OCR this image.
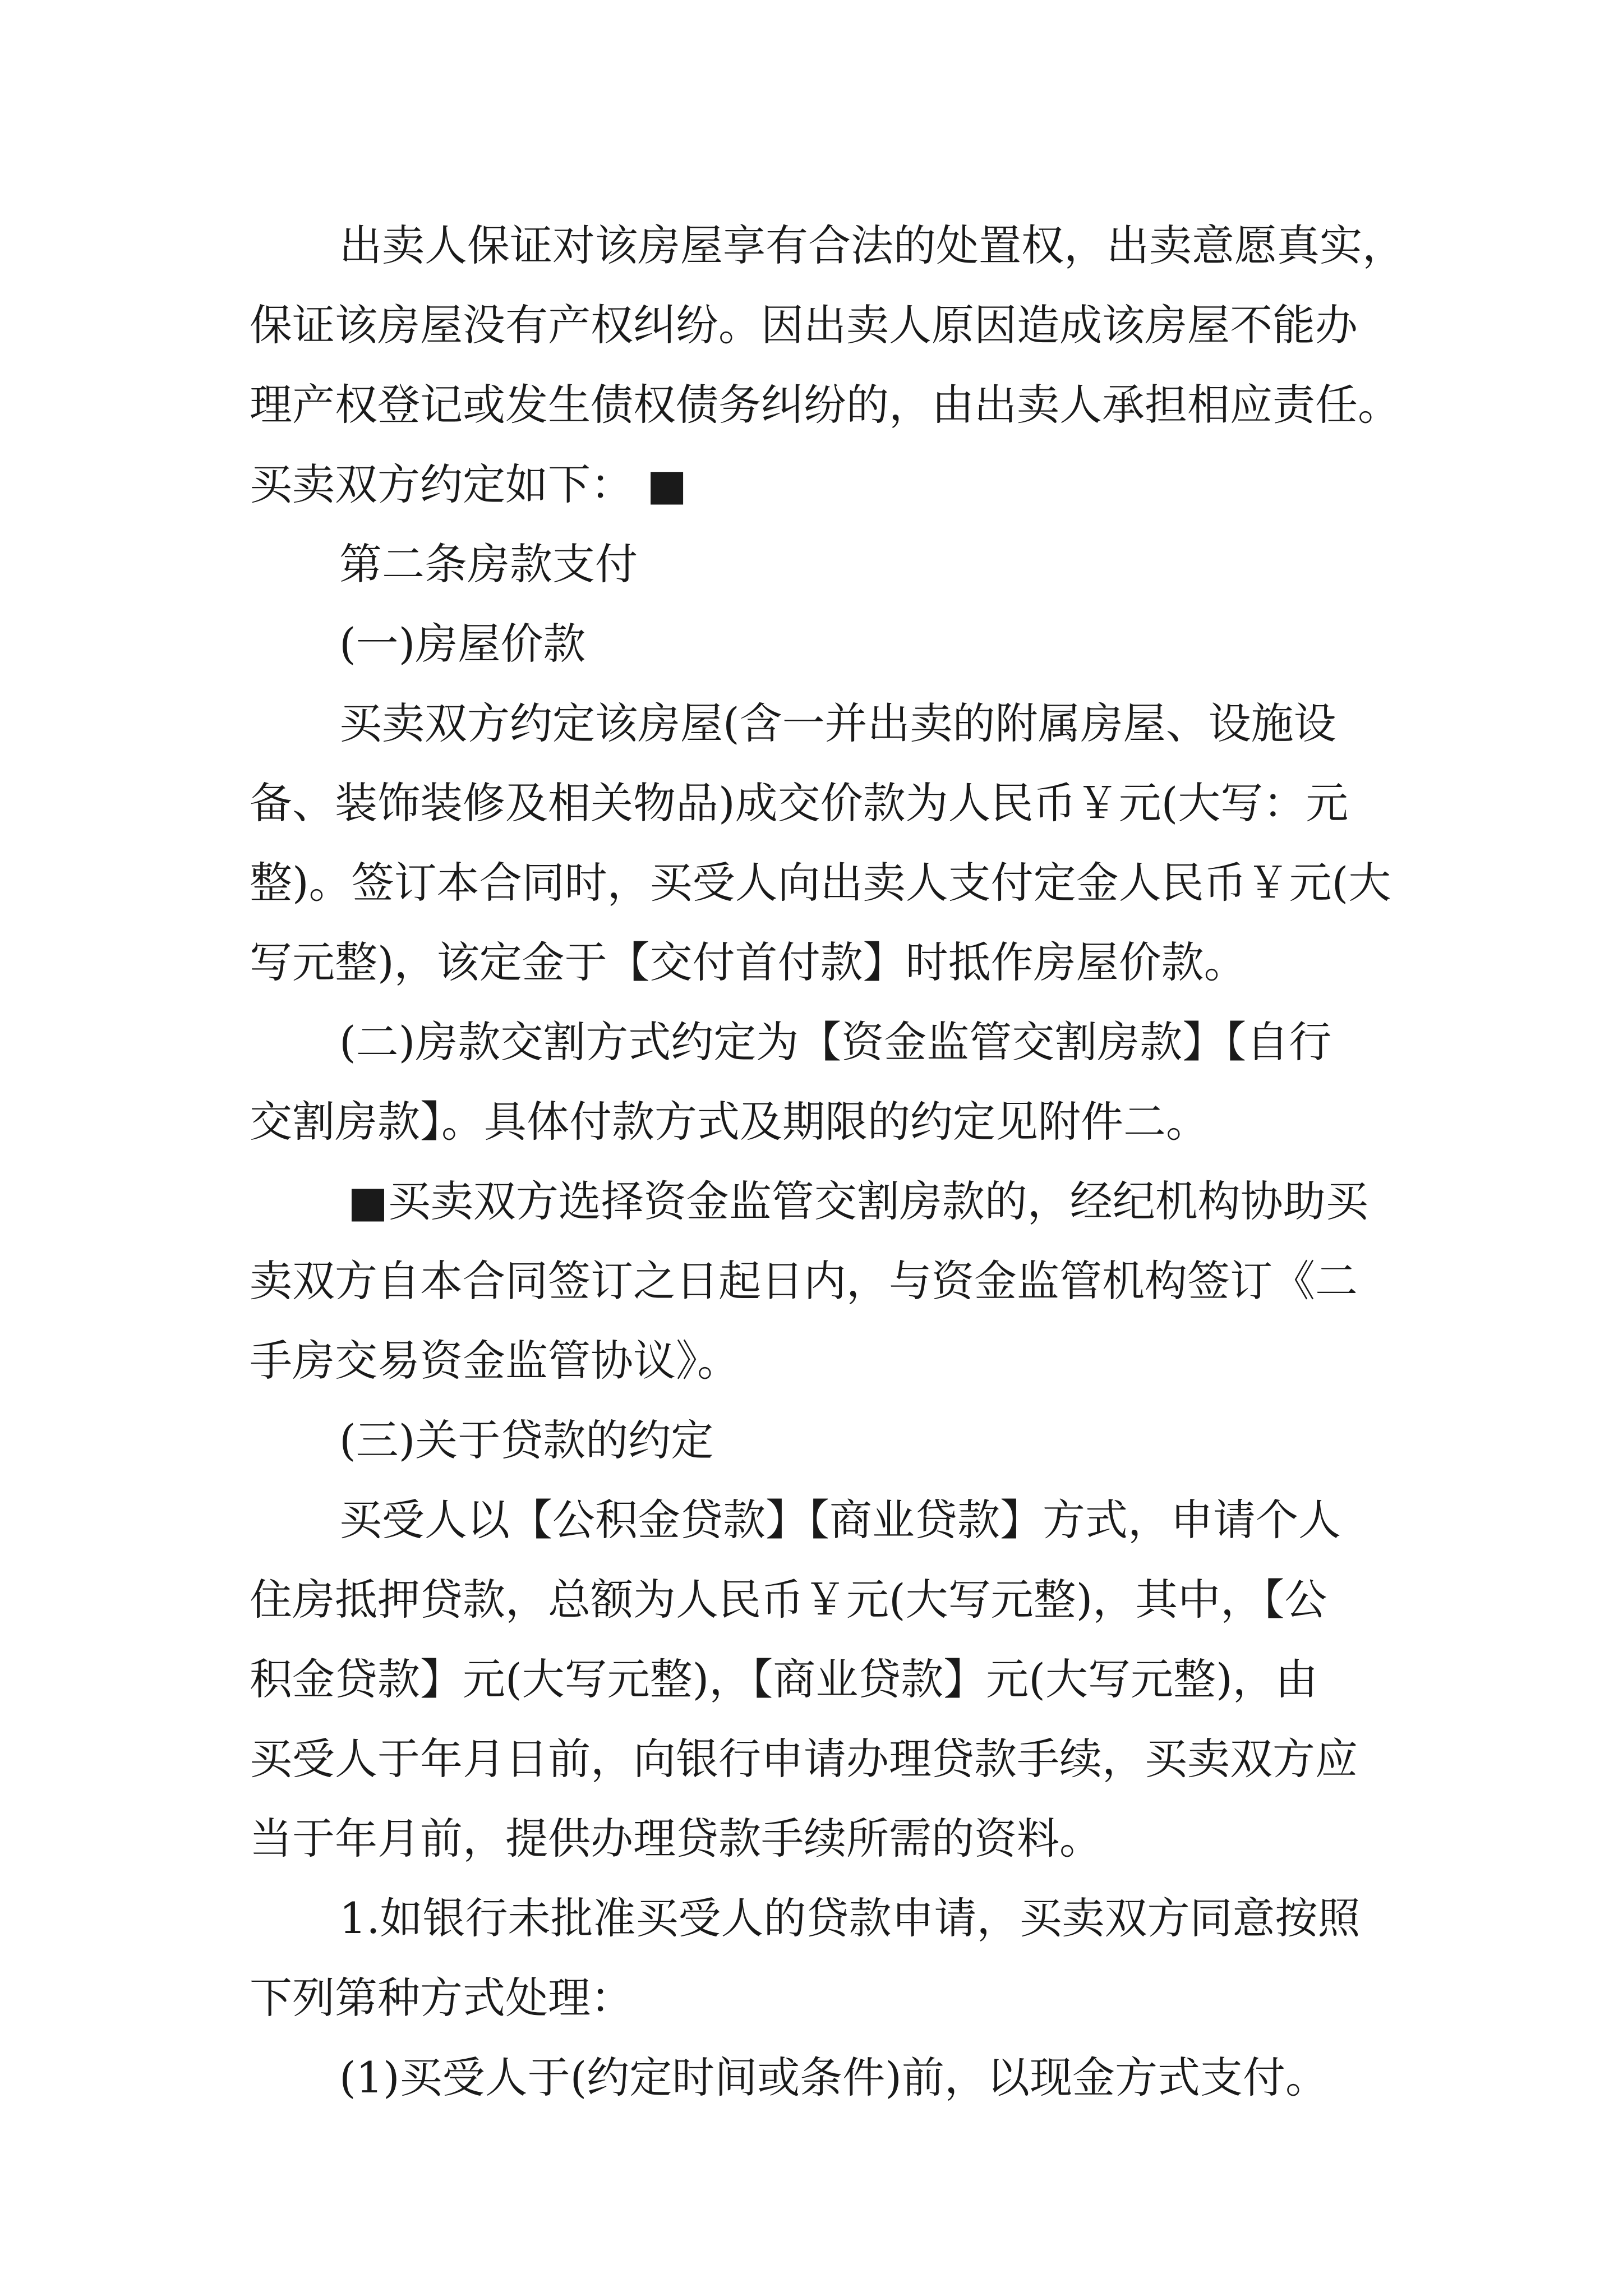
出卖人保证对该房屋享有合法的处置权，出卖意愿真实，

保证该房屋没有产权纠纷。因出卖人原因造成该房屋不能办

理产权登记或发生债权债务纠纷的，由出卖人承担相应责任。

买卖双方约定如下： ■

第二条房款支付

(一)房屋价款

买卖双方约定该房屋(含一并出卖的附属房屋、设施设

备、装饰装修及相关物品)成交价款为人民币￥元(大写：元

整)。签订本合同时，买受人向出卖人支付定金人民币￥元(大

写元整)，该定金于【交付首付款】时抵作房屋价款。

(二)房款交割方式约定为【资金监管交割房款】【自行

交割房款】。具体付款方式及期限的约定见附件二。

■买卖双方选择资金监管交割房款的，经纪机构协助买

卖双方自本合同签订之日起日内，与资金监管机构签订《二

手房交易资金监管协议》。

(三)关于贷款的约定

买受人以【公积金贷款】【商业贷款】方式，申请个人

住房抵押贷款，总额为人民币￥元(大写元整)，其中，【公

积金贷款】元(大写元整)，【商业贷款】元(大写元整)，由

买受人于年月日前，向银行申请办理贷款手续，买卖双方应

当于年月前，提供办理贷款手续所需的资料。

1.如银行未批准买受人的贷款申请，买卖双方同意按照

下列第种方式处理：

(1)买受人于(约定时间或条件)前，以现金方式支付。
